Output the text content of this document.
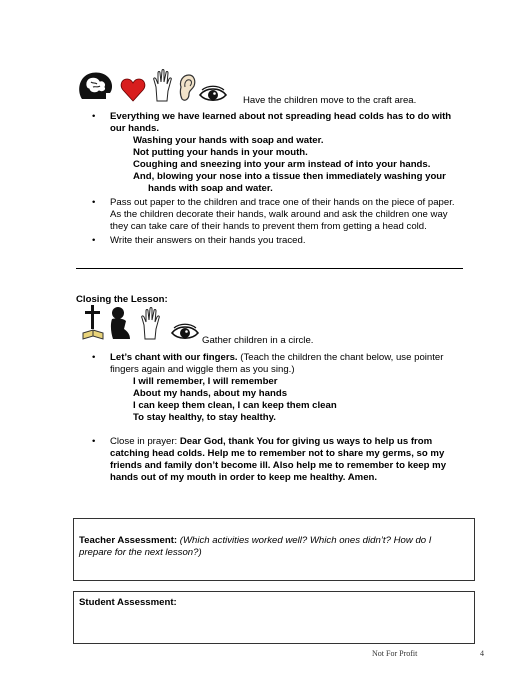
Have the children move to the craft area.
• Everything we have learned about not spreading head colds has to do with
our hands.
Washing your hands with soap and water.
Not putting your hands in your mouth.
Coughing and sneezing into your arm instead of into your hands.
And, blowing your nose into a tissue then immediately washing your
hands with soap and water.
• Pass out paper to the children and trace one of their hands on the piece of paper.
As the children decorate their hands, walk around and ask the children one way
they can take care of their hands to prevent them from getting a head cold.
• Write their answers on their hands you traced.
Closing the Lesson:
Gather children in a circle.
• Let’s chant with our fingers. (Teach the children the chant below, use pointer
fingers again and wiggle them as you sing.)
I will remember, I will remember
About my hands, about my hands
I can keep them clean, I can keep them clean
To stay healthy, to stay healthy.
• Close in prayer: Dear God, thank You for giving us ways to help us from
catching head colds. Help me to remember not to share my germs, so my
friends and family don’t become ill. Also help me to remember to keep my
hands out of my mouth in order to keep me healthy. Amen.
Teacher Assessment: (Which activities worked well? Which ones didn’t? How do I
prepare for the next lesson?)
Student Assessment:
Not For Profit	4
